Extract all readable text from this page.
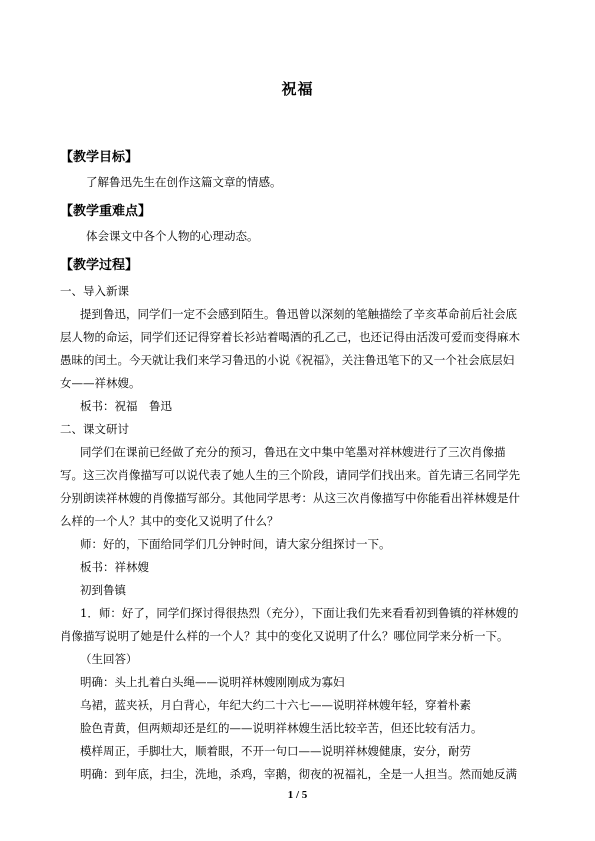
祝福
【教学目标】
了解鲁迅先生在创作这篇文章的情感。
【教学重难点】
体会课文中各个人物的心理动态。
【教学过程】
一、导入新课
提到鲁迅，同学们一定不会感到陌生。鲁迅曾以深刻的笔触描绘了辛亥革命前后社会底
层人物的命运，同学们还记得穿着长衫站着喝酒的孔乙己，也还记得由活泼可爱而变得麻木
愚昧的闰土。今天就让我们来学习鲁迅的小说《祝福》，关注鲁迅笔下的又一个社会底层妇
女——祥林嫂。
板书：祝福　鲁迅
二、课文研讨
同学们在课前已经做了充分的预习，鲁迅在文中集中笔墨对祥林嫂进行了三次肖像描
写。这三次肖像描写可以说代表了她人生的三个阶段，请同学们找出来。首先请三名同学先
分别朗读祥林嫂的肖像描写部分。其他同学思考：从这三次肖像描写中你能看出祥林嫂是什
么样的一个人？其中的变化又说明了什么？
师：好的，下面给同学们几分钟时间，请大家分组探讨一下。
板书：祥林嫂
初到鲁镇
1．师：好了，同学们探讨得很热烈（充分），下面让我们先来看看初到鲁镇的祥林嫂的
肖像描写说明了她是什么样的一个人？其中的变化又说明了什么？哪位同学来分析一下。
（生回答）
明确：头上扎着白头绳——说明祥林嫂刚刚成为寡妇
乌裙，蓝夹袄，月白背心，年纪大约二十六七——说明祥林嫂年轻，穿着朴素
脸色青黄，但两颊却还是红的——说明祥林嫂生活比较辛苦，但还比较有活力。
模样周正，手脚壮大，顺着眼，不开一句口——说明祥林嫂健康，安分，耐劳
明确：到年底，扫尘，洗地，杀鸡，宰鹅，彻夜的祝福礼，全是一人担当。然而她反满
1 / 5
